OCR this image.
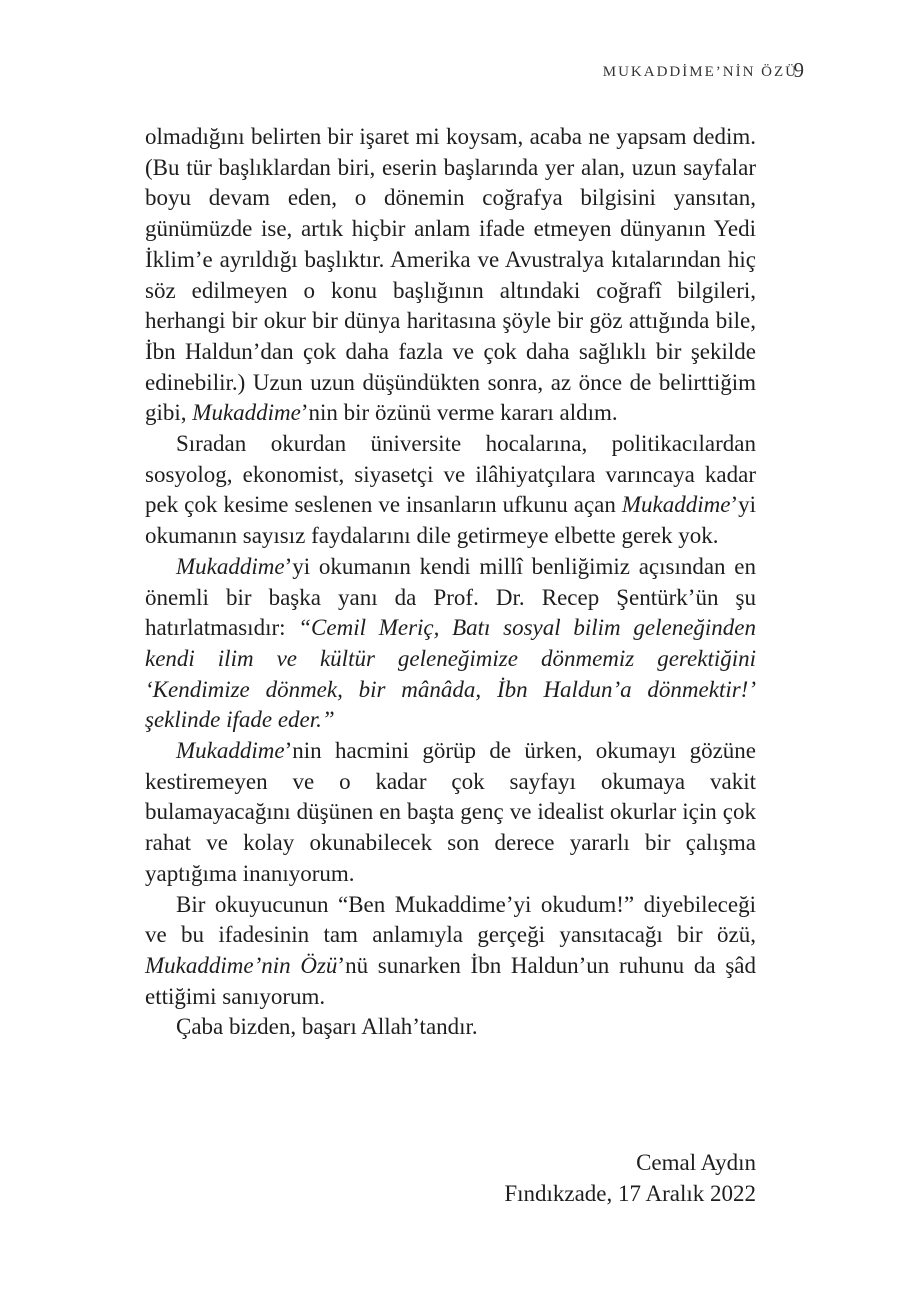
MUKADDİME’NİN ÖZÜ
9

olmadığını belirten bir işaret mi koysam, acaba ne yapsam dedim. (Bu tür başlıklardan biri, eserin başlarında yer alan, uzun sayfalar boyu devam eden, o dönemin coğrafya bilgisini yansıtan, günümüzde ise, artık hiçbir anlam ifade etmeyen dünyanın Yedi İklim’e ayrıldığı başlıktır. Amerika ve Avustralya kıtalarından hiç söz edilmeyen o konu başlığının altındaki coğrafî bilgileri, herhangi bir okur bir dünya haritasına şöyle bir göz attığında bile, İbn Haldun’dan çok daha fazla ve çok daha sağlıklı bir şekilde edinebilir.) Uzun uzun düşündükten sonra, az önce de belirttiğim gibi, Mukaddime’nin bir özünü verme kararı aldım.

Sıradan okurdan üniversite hocalarına, politikacılardan sosyolog, ekonomist, siyasetçi ve ilâhiyatçılara varıncaya kadar pek çok kesime seslenen ve insanların ufkunu açan Mukaddime’yi okumanın sayısız faydalarını dile getirmeye elbette gerek yok.

Mukaddime’yi okumanın kendi millî benliğimiz açısından en önemli bir başka yanı da Prof. Dr. Recep Şentürk’ün şu hatırlatmasıdır: “Cemil Meriç, Batı sosyal bilim geleneğinden kendi ilim ve kültür geleneğimize dönmemiz gerektiğini ‘Kendimize dönmek, bir mânâda, İbn Haldun’a dönmektir!’ şeklinde ifade eder.”

Mukaddime’nin hacmini görüp de ürken, okumayı gözüne kestiremeyen ve o kadar çok sayfayı okumaya vakit bulamayacağını düşünen en başta genç ve idealist okurlar için çok rahat ve kolay okunabilecek son derece yararlı bir çalışma yaptığıma inanıyorum.

Bir okuyucunun “Ben Mukaddime’yi okudum!” diyebileceği ve bu ifadesinin tam anlamıyla gerçeği yansıtacağı bir özü, Mukaddime’nin Özü’nü sunarken İbn Haldun’un ruhunu da şâd ettiğimi sanıyorum.

Çaba bizden, başarı Allah’tandır.

Cemal Aydın
Fındıkzade, 17 Aralık 2022
